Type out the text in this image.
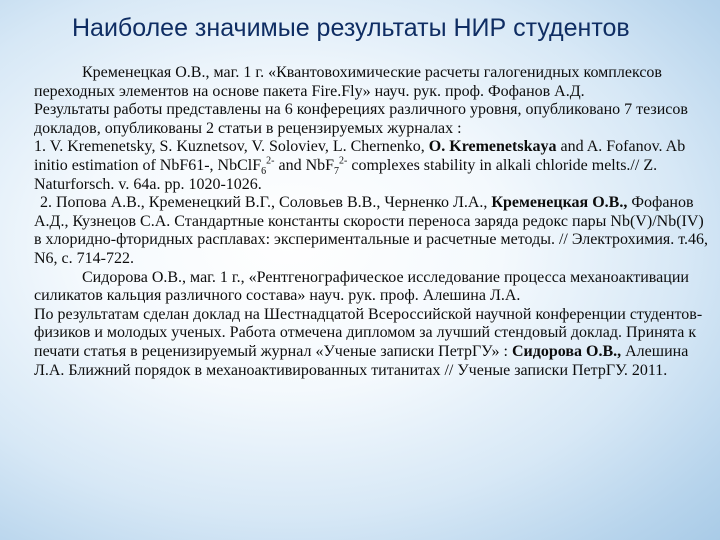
Наиболее значимые результаты НИР студентов

Кременецкая О.В., маг. 1 г. «Квантовохимические расчеты галогенидных комплексов переходных элементов на основе пакета Fire.Fly» науч. рук. проф. Фофанов А.Д.

Результаты работы представлены на 6 конферециях различного уровня, опубликовано 7 тезисов докладов, опубликованы 2 статьи в рецензируемых журналах :

1. V. Kremenetsky, S. Kuznetsov, V. Soloviev, L. Chernenko, O. Kremenetskaya and A. Fofanov. Ab initio estimation of NbF61-, NbClF$_6^{2-}$ and NbF$_7^{2-}$ complexes stability in alkali chloride melts.// Z. Naturforsch. v. 64a. pp. 1020-1026.

2. Попова А.В., Кременецкий В.Г., Соловьев В.В., Черненко Л.А., Кременецкая О.В., Фофанов А.Д., Кузнецов С.А. Стандартные константы скорости переноса заряда редокс пары Nb(V)/Nb(IV) в хлоридно-фторидных расплавах: экспериментальные и расчетные методы. // Электрохимия. т.46, N6, с. 714-722.

Сидорова О.В., маг. 1 г., «Рентгенографическое исследование процесса механоактивации силикатов кальция различного состава» науч. рук. проф. Алешина Л.А.

По результатам сделан доклад на Шестнадцатой Всероссийской научной конференции студентов-физиков и молодых ученых. Работа отмечена дипломом за лучший стендовый доклад. Принята к печати статья в реценизируемый журнал «Ученые записки ПетрГУ» : Сидорова О.В., Алешина Л.А. Ближний порядок в механоактивированных титанитах // Ученые записки ПетрГУ. 2011.
